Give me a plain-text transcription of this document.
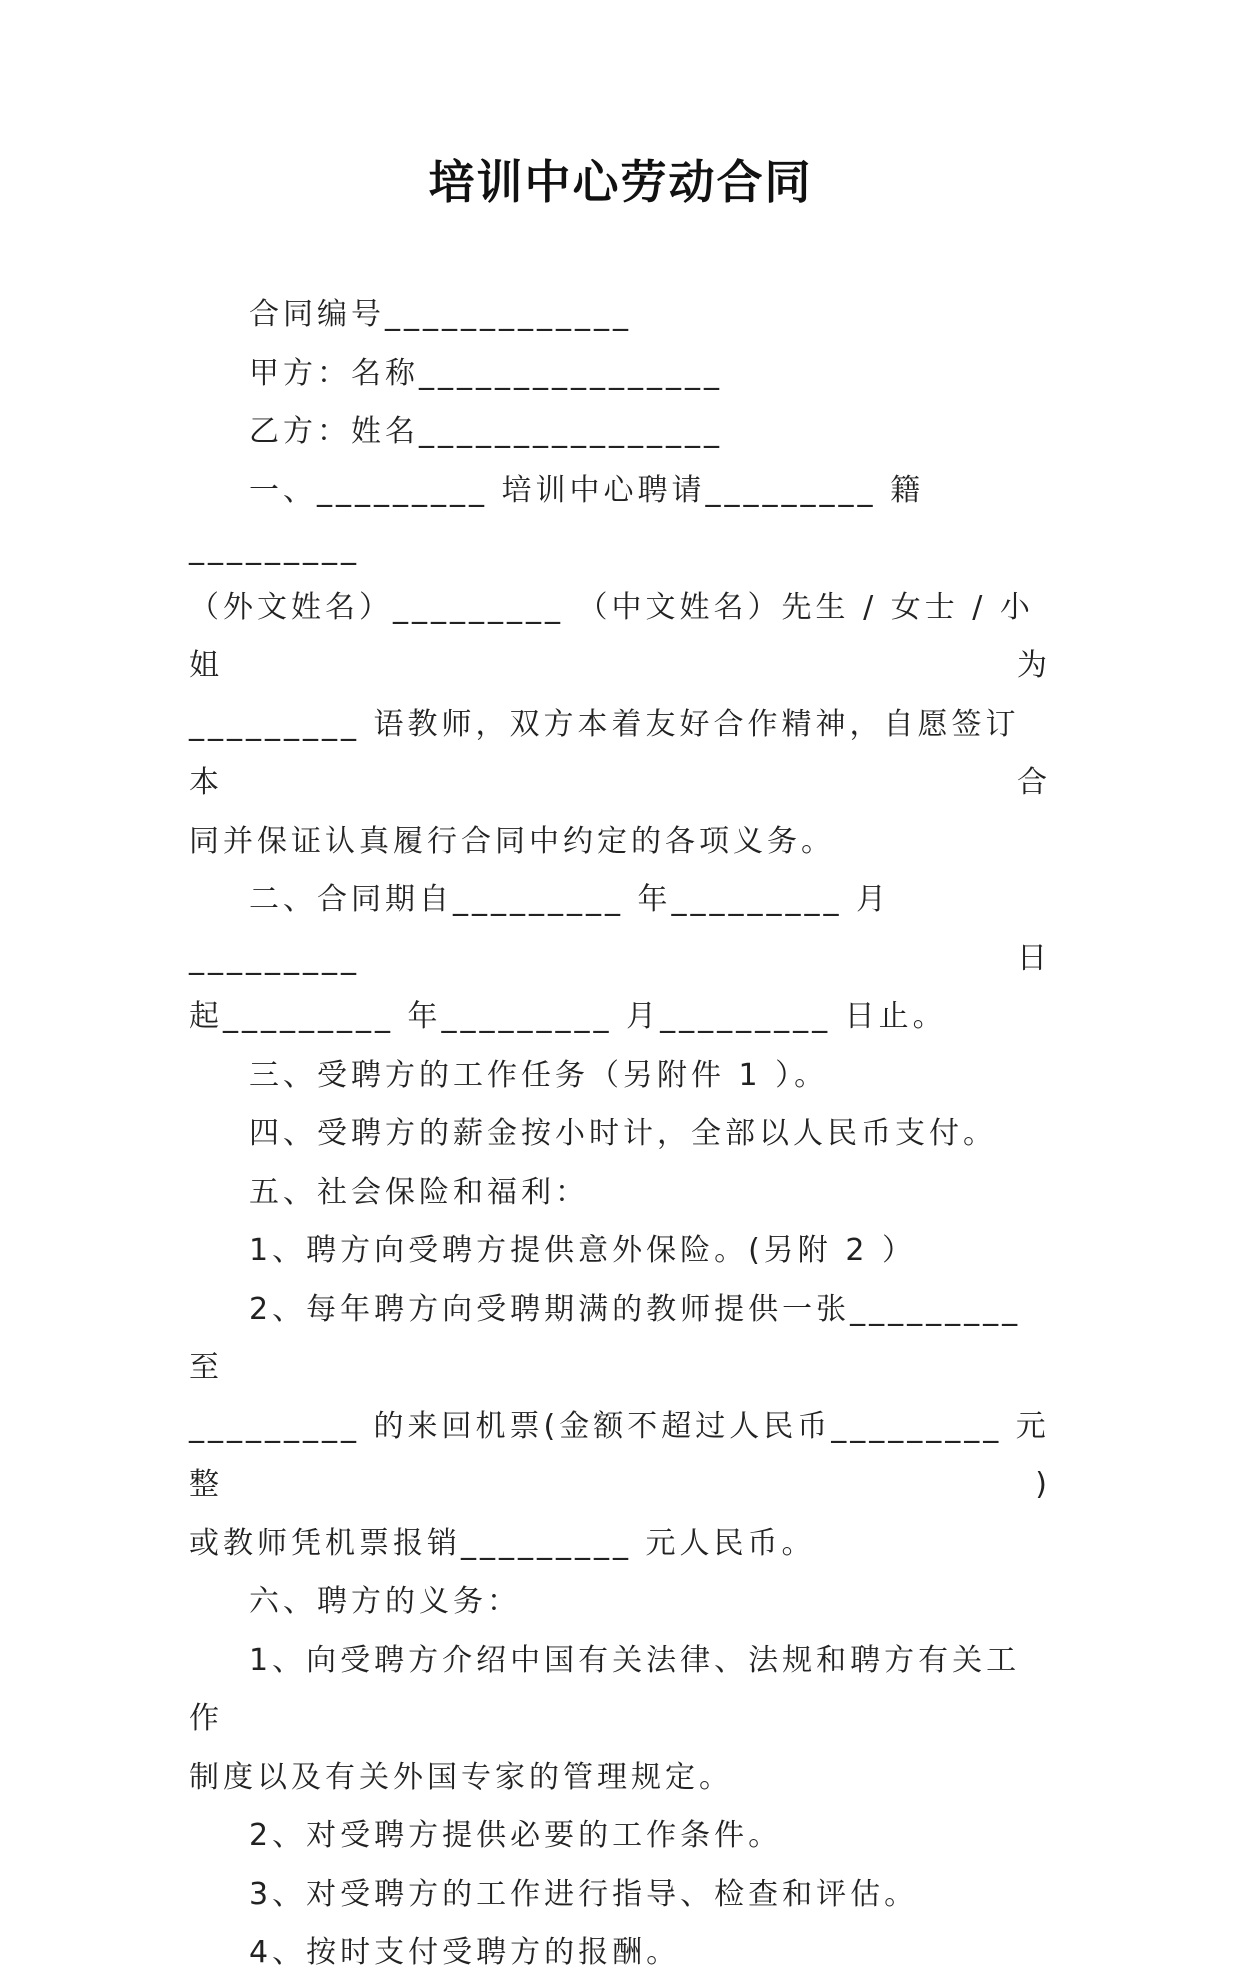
培训中心劳动合同

合同编号_____________

甲方：名称________________

乙方：姓名________________

一、_________ 培训中心聘请_________ 籍_________

（外文姓名）_________ （中文姓名）先生 / 女士 / 小姐为

_________ 语教师，双方本着友好合作精神，自愿签订本合

同并保证认真履行合同中约定的各项义务。

二、合同期自_________ 年_________ 月_________ 日

起_________ 年_________ 月_________ 日止。

三、受聘方的工作任务（另附件 1 ）。

四、受聘方的薪金按小时计，全部以人民币支付。

五、社会保险和福利：

1、聘方向受聘方提供意外保险。(另附 2 ）

2、每年聘方向受聘期满的教师提供一张_________ 至

_________ 的来回机票(金额不超过人民币_________ 元整)

或教师凭机票报销_________ 元人民币。

六、聘方的义务：

1、向受聘方介绍中国有关法律、法规和聘方有关工作

制度以及有关外国专家的管理规定。

2、对受聘方提供必要的工作条件。

3、对受聘方的工作进行指导、检查和评估。

4、按时支付受聘方的报酬。
